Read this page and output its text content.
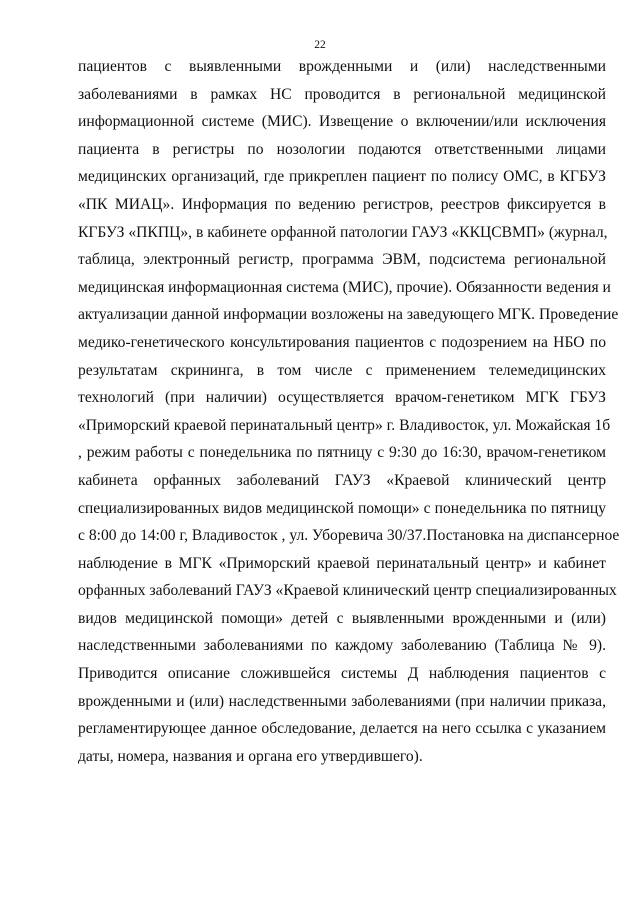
22
пациентов с выявленными врожденными и (или) наследственными
заболеваниями в рамках НС проводится в региональной медицинской
информационной системе (МИС). Извещение о включении/или исключения
пациента в регистры по нозологии подаются ответственными лицами
медицинских организаций, где прикреплен пациент по полису ОМС, в КГБУЗ
«ПК МИАЦ». Информация по ведению регистров, реестров фиксируется в
КГБУЗ «ПКПЦ», в кабинете орфанной патологии ГАУЗ «ККЦСВМП» (журнал,
таблица, электронный регистр, программа ЭВМ, подсистема региональной
медицинская информационная система (МИС), прочие). Обязанности ведения и
актуализации данной информации возложены на заведующего МГК. Проведение
медико-генетического консультирования пациентов с подозрением на НБО по
результатам скрининга, в том числе с применением телемедицинских
технологий (при наличии) осуществляется врачом-генетиком МГК ГБУЗ
«Приморский краевой перинатальный центр» г. Владивосток, ул. Можайская 1б
, режим работы с понедельника по пятницу с 9:30 до 16:30, врачом-генетиком
кабинета орфанных заболеваний ГАУЗ «Краевой клинический центр
специализированных видов медицинской помощи» с понедельника по пятницу
с 8:00 до 14:00 г, Владивосток , ул. Уборевича 30/37.Постановка на диспансерное
наблюдение в МГК «Приморский краевой перинатальный центр» и кабинет
орфанных заболеваний ГАУЗ «Краевой клинический центр специализированных
видов медицинской помощи» детей с выявленными врожденными и (или)
наследственными заболеваниями по каждому заболеванию (Таблица № 9).
Приводится описание сложившейся системы Д наблюдения пациентов с
врожденными и (или) наследственными заболеваниями (при наличии приказа,
регламентирующее данное обследование, делается на него ссылка с указанием
даты, номера, названия и органа его утвердившего).
